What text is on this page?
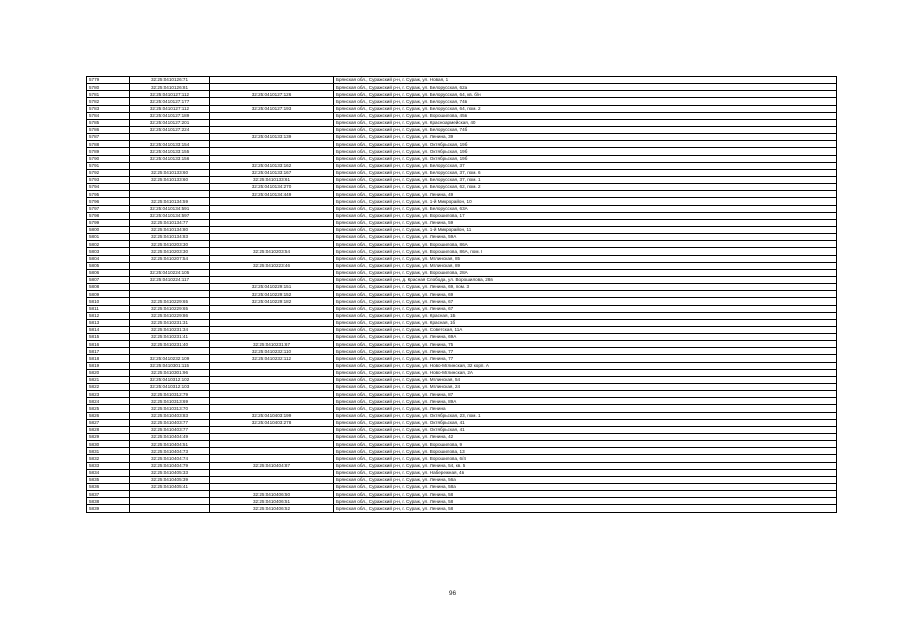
5779	32:25:0410126:71		Брянская обл., Суражский р-н, г. Сураж, ул. Новая, 1
5780	32:25:0410126:81		Брянская обл., Суражский р-н, г. Сураж, ул. Белорусская, 62а
5781	32:25:0410127:112	32:25:0410127:126	Брянская обл., Суражский р-н, г. Сураж, ул. Белорусская, 64, кв. б/н
5782	32:25:0410127:177		Брянская обл., Суражский р-н, г. Сураж, ул. Белорусская, 74в
5783	32:25:0410127:112	32:25:0410127:193	Брянская обл., Суражский р-н, г. Сураж, ул. Белорусская, 64, пом. 2
5784	32:25:0410127:189		Брянская обл., Суражский р-н, г. Сураж, ул. Ворошилова, 45в
5785	32:25:0410127:201		Брянская обл., Суражский р-н, г. Сураж, ул. Красноармейская, 40
5786	32:25:0410127:224		Брянская обл., Суражский р-н, г. Сураж, ул. Белорусская, 74б
5787		32:25:0410133:139	Брянская обл., Суражский р-н, г. Сураж, ул. Ленина, 39
5788	32:25:0410133:154		Брянская обл., Суражский р-н, г. Сураж, ул. Октябрьская, 19б
5789	32:25:0410133:155		Брянская обл., Суражский р-н, г. Сураж, ул. Октябрьская, 19б
5790	32:25:0410133:156		Брянская обл., Суражский р-н, г. Сураж, ул. Октябрьская, 19б
5791		32:25:0410133:162	Брянская обл., Суражский р-н, г. Сураж, ул. Белорусская, 37
5792	32:25:0410133:60	32:25:0410133:167	Брянская обл., Суражский р-н, г. Сураж, ул. Белорусская, 37, пом. 6
5793	32:25:0410133:60	32:25:0410133:61	Брянская обл., Суражский р-н, г. Сураж, ул. Белорусская, 37, пом. 1
5794		32:25:0410134:270	Брянская обл., Суражский р-н, г. Сураж, ул. Белорусская, 62, пом. 2
5795		32:25:0410134:449	Брянская обл., Суражский р-н, г. Сураж, ул. Ленина, 49
5796	32:25:0410134:59		Брянская обл., Суражский р-н, г. Сураж, ул. 1-й Микрорайон, 10
5797	32:25:0410134:591		Брянская обл., Суражский р-н, г. Сураж, ул. Белорусская, 63А
5798	32:25:0410134:597		Брянская обл., Суражский р-н, г. Сураж, ул. Ворошилова, 17
5799	32:25:0410134:77		Брянская обл., Суражский р-н, г. Сураж, ул. Ленина, 59
5800	32:25:0410134:80		Брянская обл., Суражский р-н, г. Сураж, ул. 1-й Микрорайон, 11
5801	32:25:0410134:83		Брянская обл., Суражский р-н, г. Сураж, ул. Ленина, 59А
5802	32:25:0410203:30		Брянская обл., Суражский р-н, г. Сураж, ул. Ворошилова, 86А
5803	32:25:0410203:30	32:25:0410203:54	Брянская обл., Суражский р-н, г. Сураж, ул. Ворошилова, 86А, пом. I
5804	32:25:0410207:54		Брянская обл., Суражский р-н, г. Сураж, ул. Мглинская, 85
5805		32:25:0410223:46	Брянская обл., Суражский р-н, г. Сураж, ул. Мглинская, 89
5806	32:25:0410224:105		Брянская обл., Суражский р-н, г. Сураж, ул. Ворошилова, 28А
5807	32:25:0410224:117		Брянская обл., Суражский р-н, д. Красная Слобода, ул. Ворошилова, 28в
5808		32:25:0410229:151	Брянская обл., Суражский р-н, г. Сураж, ул. Ленина, 69, пом. 3
5809		32:25:0410229:152	Брянская обл., Суражский р-н, г. Сураж, ул. Ленина, 69
5810	32:25:0410229:65	32:25:0410229:182	Брянская обл., Суражский р-н, г. Сураж, ул. Ленина, 67
5811	32:25:0410229:65		Брянская обл., Суражский р-н, г. Сураж, ул. Ленина, 67
5812	32:25:0410229:86		Брянская обл., Суражский р-н, г. Сураж, ул. Красная, 1Б
5813	32:25:0410231:31		Брянская обл., Суражский р-н, г. Сураж, ул. Красная, 1б
5814	32:25:0410231:34		Брянская обл., Суражский р-н, г. Сураж, ул. Советская, 11А
5815	32:25:0410231:41		Брянская обл., Суражский р-н, г. Сураж, ул. Ленина, 69А
5816	32:25:0410231:40	32:25:0410231:67	Брянская обл., Суражский р-н, г. Сураж, ул. Ленина, 75
5817		32:25:0410232:110	Брянская обл., Суражский р-н, г. Сураж, ул. Ленина, 77
5818	32:25:0410232:109	32:25:0410232:112	Брянская обл., Суражский р-н, г. Сураж, ул. Ленина, 77
5819	32:25:0410301:115		Брянская обл., Суражский р-н, г. Сураж, ул. Ново-Мглинская, 32 корп. А
5820	32:25:0410301:96		Брянская обл., Суражский р-н, г. Сураж, ул. Ново-Мглинская, 2А
5821	32:25:0410312:102		Брянская обл., Суражский р-н, г. Сураж, ул. Мглинская, 54
5822	32:25:0410312:103		Брянская обл., Суражский р-н, г. Сураж, ул. Мглинская, 24
5823	32:25:0410312:79		Брянская обл., Суражский р-н, г. Сураж, ул. Ленина, 87
5824	32:25:0410313:69		Брянская обл., Суражский р-н, г. Сураж, ул. Ленина, 89А
5825	32:25:0410313:70		Брянская обл., Суражский р-н, г. Сураж, ул. Ленина
5826	32:25:0410403:83	32:25:0410403:199	Брянская обл., Суражский р-н, г. Сураж, ул. Октябрьская, 23, пом. 1
5827	32:25:0410403:77	32:25:0410403:278	Брянская обл., Суражский р-н, г. Сураж, ул. Октябрьская, 41
5828	32:25:0410403:77		Брянская обл., Суражский р-н, г. Сураж, ул. Октябрьская, 41
5829	32:25:0410404:49		Брянская обл., Суражский р-н, г. Сураж, ул. Ленина, 42
5830	32:25:0410404:51		Брянская обл., Суражский р-н, г. Сураж, ул. Ворошилова, 9
5831	32:25:0410404:73		Брянская обл., Суражский р-н, г. Сураж, ул. Ворошилова, 13
5832	32:25:0410404:74		Брянская обл., Суражский р-н, г. Сураж, ул. Ворошилова, 6/4
5833	32:25:0410404:79	32:25:0410404:87	Брянская обл., Суражский р-н, г. Сураж, ул. Ленина, 54, кв. 5
5834	32:25:0410405:33		Брянская обл., Суражский р-н, г. Сураж, ул. Набережная, 4в
5835	32:25:0410405:39		Брянская обл., Суражский р-н, г. Сураж, ул. Ленина, 56а
5836	32:25:0410405:41		Брянская обл., Суражский р-н, г. Сураж, ул. Ленина, 58а
5837		32:25:0410406:50	Брянская обл., Суражский р-н, г. Сураж, ул. Ленина, 58
5838		32:25:0410406:51	Брянская обл., Суражский р-н, г. Сураж, ул. Ленина, 58
5839		32:25:0410406:52	Брянская обл., Суражский р-н, г. Сураж, ул. Ленина, 58
96
